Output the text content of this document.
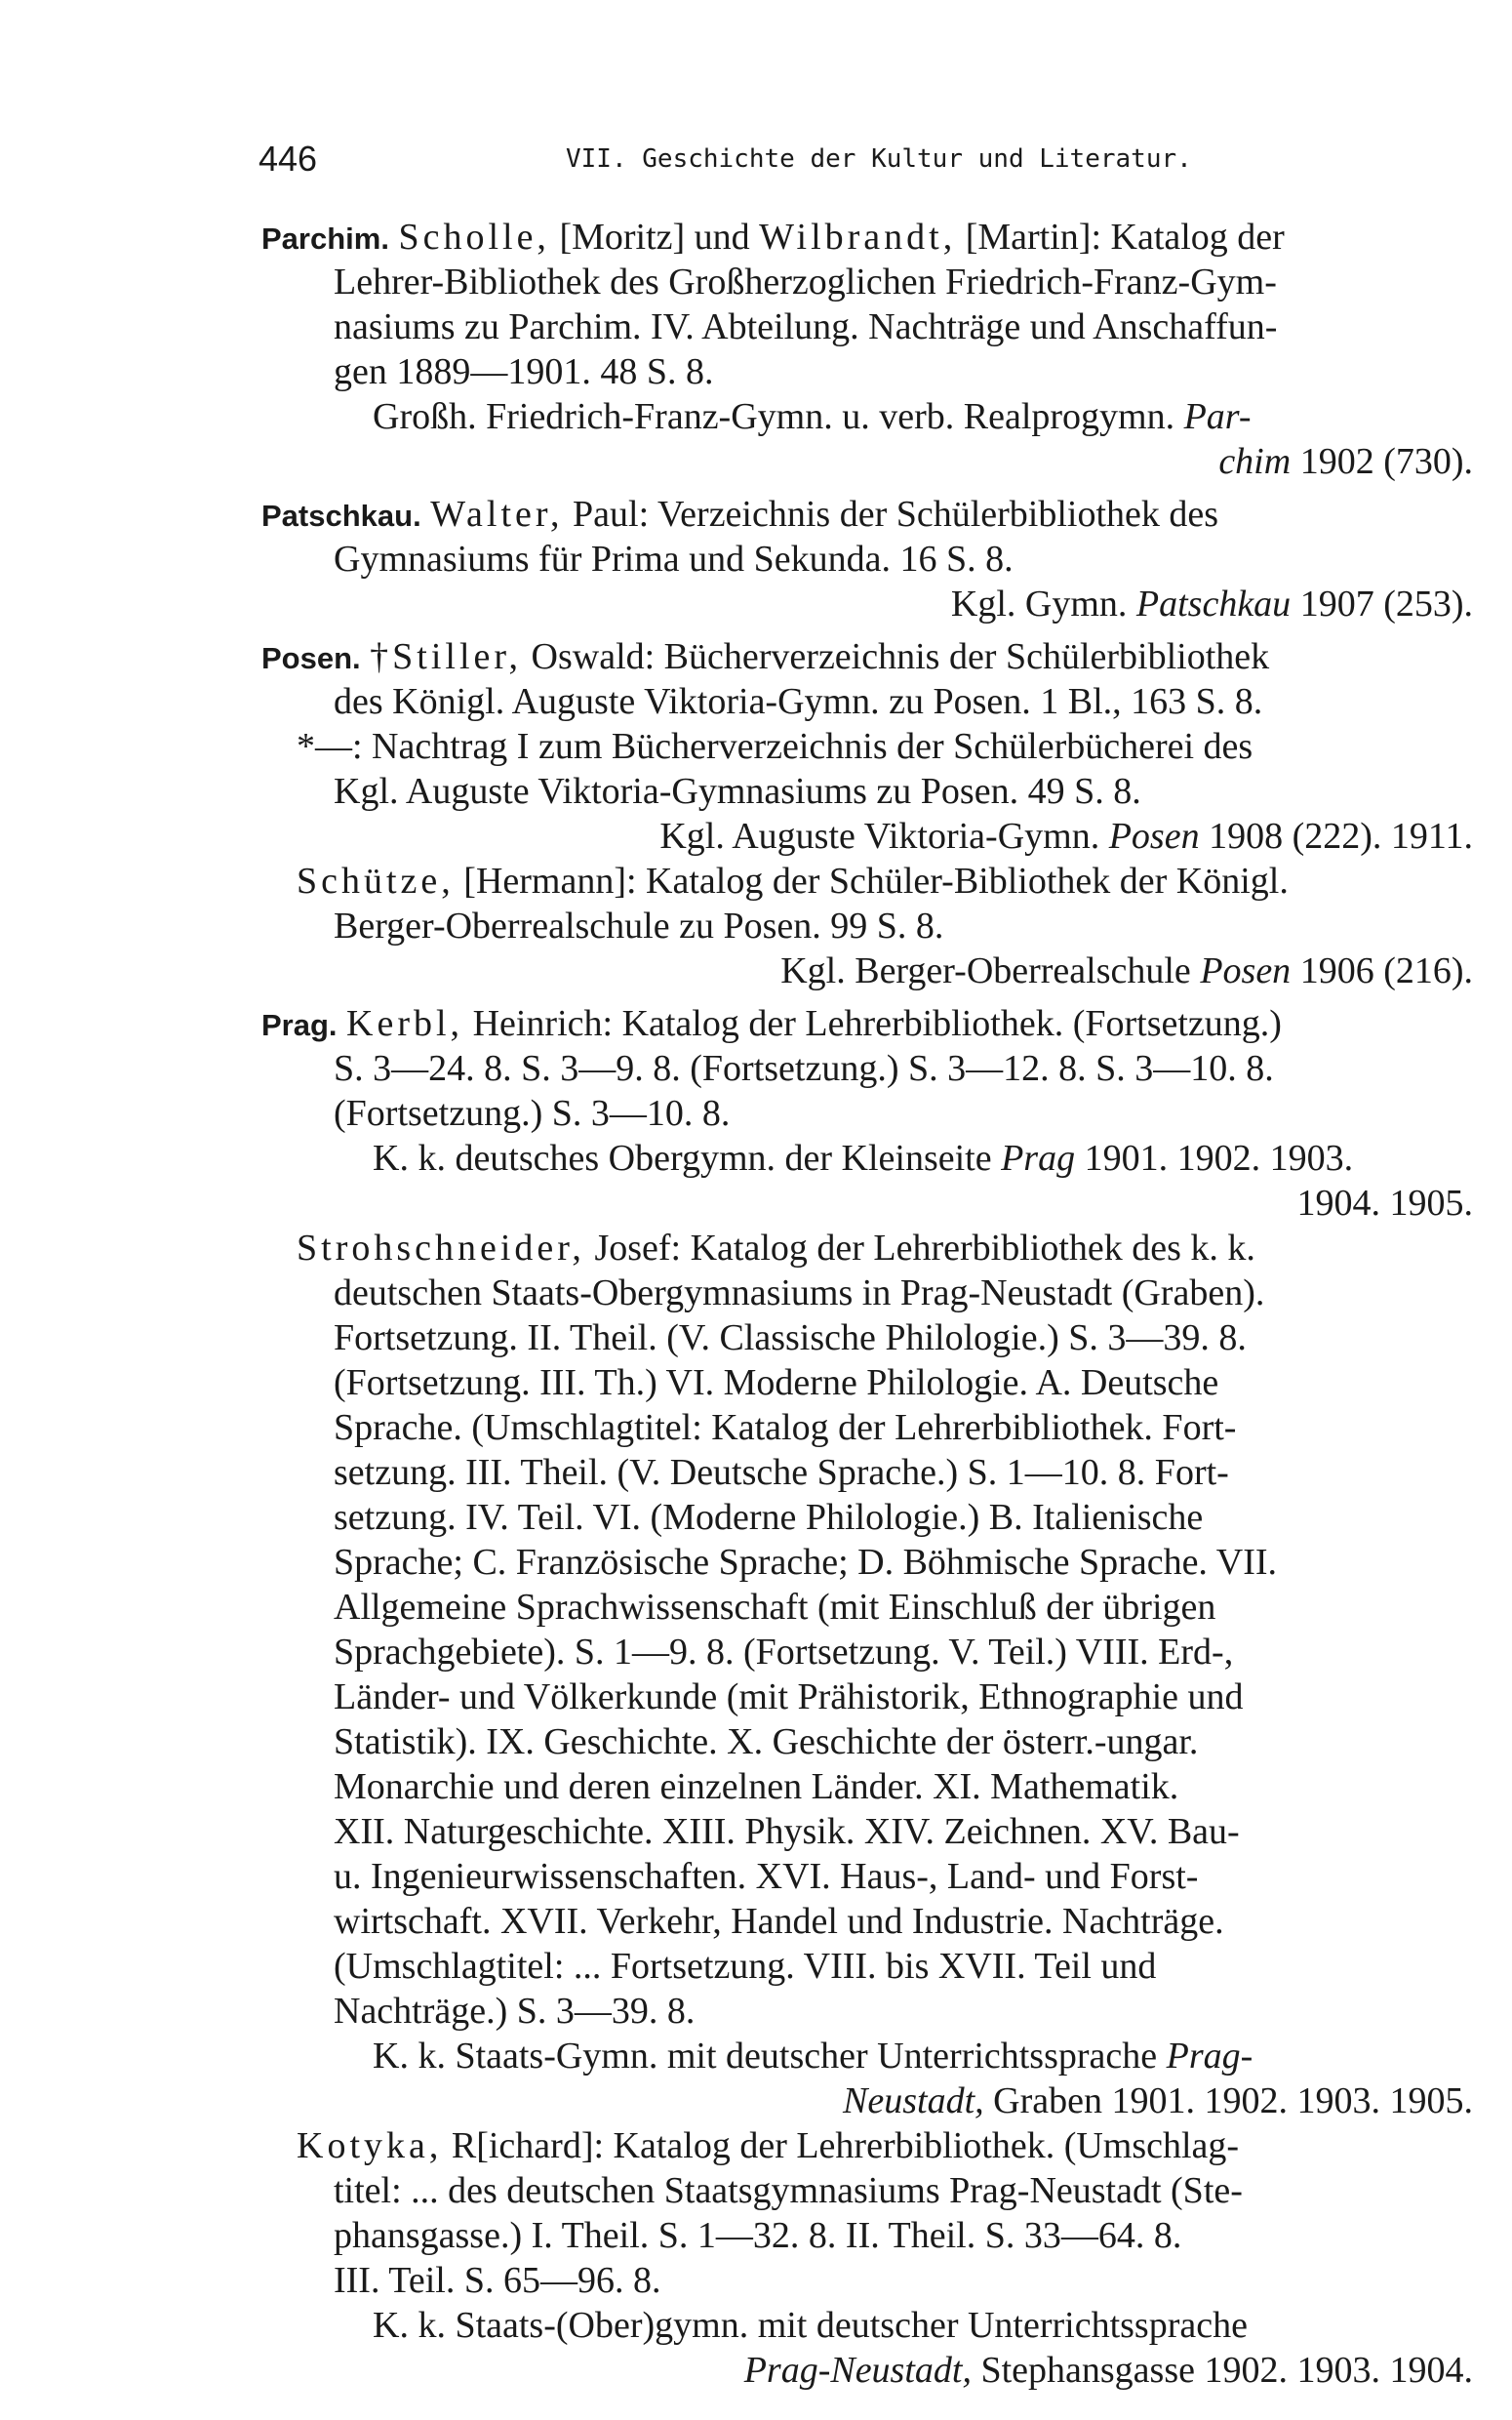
446	VII. Geschichte der Kultur und Literatur.
Parchim. Scholle, [Moritz] und Wilbrandt, [Martin]: Katalog der
Lehrer-Bibliothek des Großherzoglichen Friedrich-Franz-Gym-
nasiums zu Parchim. IV. Abteilung. Nachträge und Anschaffun-
gen 1889—1901. 48 S. 8.
Großh. Friedrich-Franz-Gymn. u. verb. Realprogymn. Par-
chim 1902 (730).
Patschkau. Walter, Paul: Verzeichnis der Schülerbibliothek des
Gymnasiums für Prima und Sekunda. 16 S. 8.
Kgl. Gymn. Patschkau 1907 (253).
Posen. †Stiller, Oswald: Bücherverzeichnis der Schülerbibliothek
des Königl. Auguste Viktoria-Gymn. zu Posen. 1 Bl., 163 S. 8.
*—: Nachtrag I zum Bücherverzeichnis der Schülerbücherei des
Kgl. Auguste Viktoria-Gymnasiums zu Posen. 49 S. 8.
Kgl. Auguste Viktoria-Gymn. Posen 1908 (222). 1911.
Schütze, [Hermann]: Katalog der Schüler-Bibliothek der Königl.
Berger-Oberrealschule zu Posen. 99 S. 8.
Kgl. Berger-Oberrealschule Posen 1906 (216).
Prag. Kerbl, Heinrich: Katalog der Lehrerbibliothek. (Fortsetzung.)
S. 3—24. 8. S. 3—9. 8. (Fortsetzung.) S. 3—12. 8. S. 3—10. 8.
(Fortsetzung.) S. 3—10. 8.
K. k. deutsches Obergymn. der Kleinseite Prag 1901. 1902. 1903.
1904. 1905.
Strohschneider, Josef: Katalog der Lehrerbibliothek des k. k.
deutschen Staats-Obergymnasiums in Prag-Neustadt (Graben).
Fortsetzung. II. Theil. (V. Classische Philologie.) S. 3—39. 8.
(Fortsetzung. III. Th.) VI. Moderne Philologie. A. Deutsche
Sprache. (Umschlagtitel: Katalog der Lehrerbibliothek. Fort-
setzung. III. Theil. (V. Deutsche Sprache.) S. 1—10. 8. Fort-
setzung. IV. Teil. VI. (Moderne Philologie.) B. Italienische
Sprache; C. Französische Sprache; D. Böhmische Sprache. VII.
Allgemeine Sprachwissenschaft (mit Einschluß der übrigen
Sprachgebiete). S. 1—9. 8. (Fortsetzung. V. Teil.) VIII. Erd-,
Länder- und Völkerkunde (mit Prähistorik, Ethnographie und
Statistik). IX. Geschichte. X. Geschichte der österr.-ungar.
Monarchie und deren einzelnen Länder. XI. Mathematik.
XII. Naturgeschichte. XIII. Physik. XIV. Zeichnen. XV. Bau-
u. Ingenieurwissenschaften. XVI. Haus-, Land- und Forst-
wirtschaft. XVII. Verkehr, Handel und Industrie. Nachträge.
(Umschlagtitel: ... Fortsetzung. VIII. bis XVII. Teil und
Nachträge.) S. 3—39. 8.
K. k. Staats-Gymn. mit deutscher Unterrichtssprache Prag-
Neustadt, Graben 1901. 1902. 1903. 1905.
Kotyka, R[ichard]: Katalog der Lehrerbibliothek. (Umschlag-
titel: ... des deutschen Staatsgymnasiums Prag-Neustadt (Ste-
phansgasse.) I. Theil. S. 1—32. 8. II. Theil. S. 33—64. 8.
III. Teil. S. 65—96. 8.
K. k. Staats-(Ober)gymn. mit deutscher Unterrichtssprache
Prag-Neustadt, Stephansgasse 1902. 1903. 1904.
